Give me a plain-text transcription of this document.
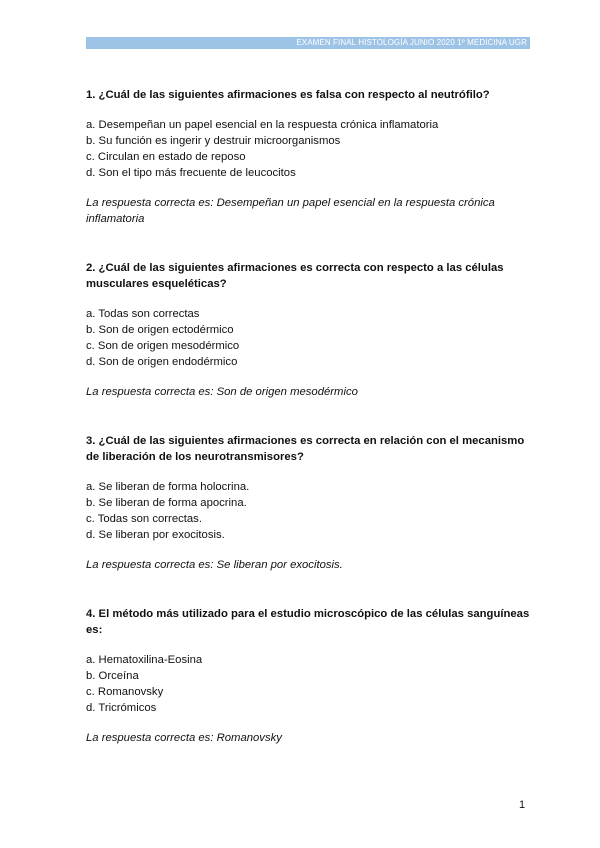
EXAMEN FINAL HISTOLOGÍA JUNIO 2020 1º MEDICINA UGR

1. ¿Cuál de las siguientes afirmaciones es falsa con respecto al neutrófilo?

a. Desempeñan un papel esencial en la respuesta crónica inflamatoria
b. Su función es ingerir y destruir microorganismos
c. Circulan en estado de reposo
d. Son el tipo más frecuente de leucocitos

La respuesta correcta es: Desempeñan un papel esencial en la respuesta crónica inflamatoria

2. ¿Cuál de las siguientes afirmaciones es correcta con respecto a las células musculares esqueléticas?

a. Todas son correctas
b. Son de origen ectodérmico
c. Son de origen mesodérmico
d. Son de origen endodérmico

La respuesta correcta es: Son de origen mesodérmico

3. ¿Cuál de las siguientes afirmaciones es correcta en relación con el mecanismo de liberación de los neurotransmisores?

a. Se liberan de forma holocrina.
b. Se liberan de forma apocrina.
c. Todas son correctas.
d. Se liberan por exocitosis.

La respuesta correcta es: Se liberan por exocitosis.

4. El método más utilizado para el estudio microscópico de las células sanguíneas es:

a. Hematoxilina-Eosina
b. Orceína
c. Romanovsky
d. Tricrómicos

La respuesta correcta es: Romanovsky

1
